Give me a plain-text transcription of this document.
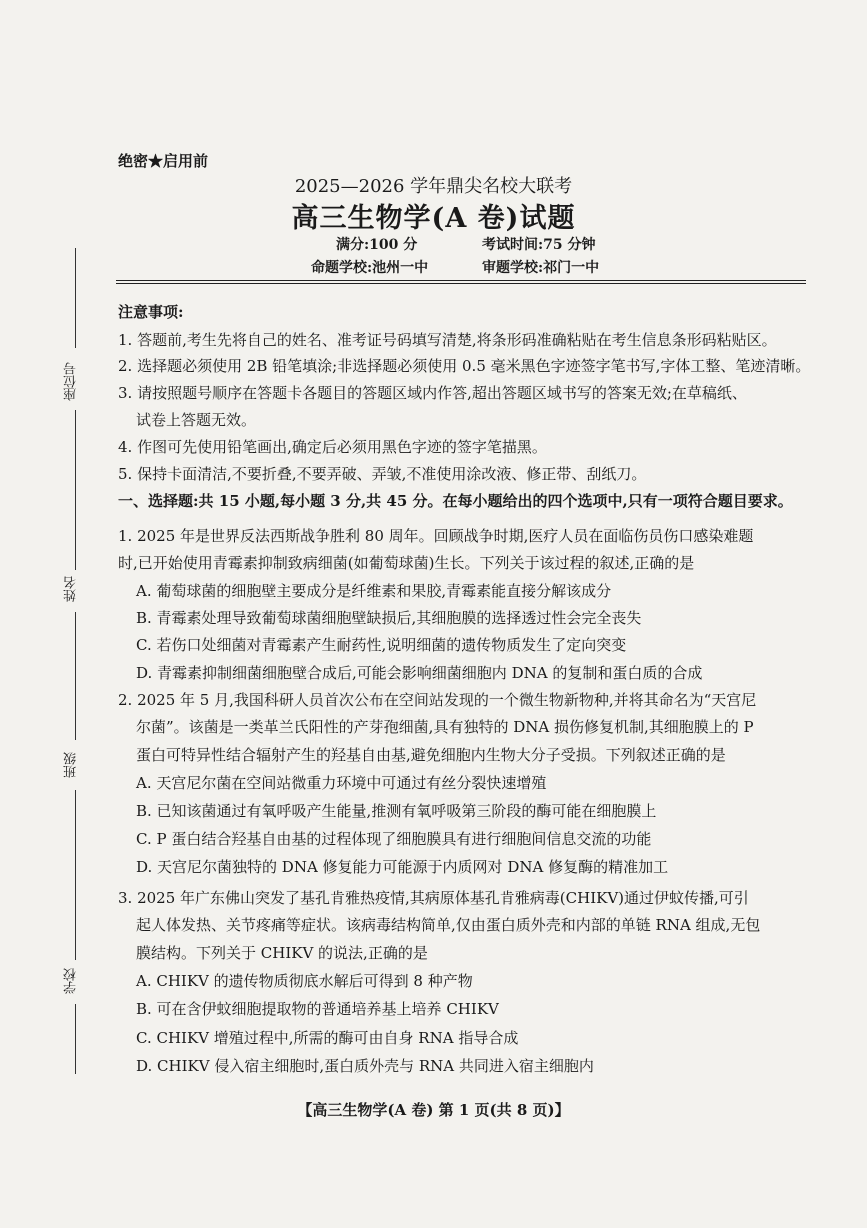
座位号
姓名
班级
学校
绝密★启用前
2025—2026 学年鼎尖名校大联考
高三生物学(A 卷)试题
满分:100 分	考试时间:75 分钟
命题学校:池州一中	审题学校:祁门一中
注意事项:
1. 答题前,考生先将自己的姓名、准考证号码填写清楚,将条形码准确粘贴在考生信息条形码粘贴区。
2. 选择题必须使用 2B 铅笔填涂;非选择题必须使用 0.5 毫米黑色字迹签字笔书写,字体工整、笔迹清晰。
3. 请按照题号顺序在答题卡各题目的答题区域内作答,超出答题区域书写的答案无效;在草稿纸、
试卷上答题无效。
4. 作图可先使用铅笔画出,确定后必须用黑色字迹的签字笔描黑。
5. 保持卡面清洁,不要折叠,不要弄破、弄皱,不准使用涂改液、修正带、刮纸刀。
一、选择题:共 15 小题,每小题 3 分,共 45 分。在每小题给出的四个选项中,只有一项符合题目要求。
1. 2025 年是世界反法西斯战争胜利 80 周年。回顾战争时期,医疗人员在面临伤员伤口感染难题
时,已开始使用青霉素抑制致病细菌(如葡萄球菌)生长。下列关于该过程的叙述,正确的是
A. 葡萄球菌的细胞壁主要成分是纤维素和果胶,青霉素能直接分解该成分
B. 青霉素处理导致葡萄球菌细胞壁缺损后,其细胞膜的选择透过性会完全丧失
C. 若伤口处细菌对青霉素产生耐药性,说明细菌的遗传物质发生了定向突变
D. 青霉素抑制细菌细胞壁合成后,可能会影响细菌细胞内 DNA 的复制和蛋白质的合成
2. 2025 年 5 月,我国科研人员首次公布在空间站发现的一个微生物新物种,并将其命名为“天宫尼
尔菌”。该菌是一类革兰氏阳性的产芽孢细菌,具有独特的 DNA 损伤修复机制,其细胞膜上的 P
蛋白可特异性结合辐射产生的羟基自由基,避免细胞内生物大分子受损。下列叙述正确的是
A. 天宫尼尔菌在空间站微重力环境中可通过有丝分裂快速增殖
B. 已知该菌通过有氧呼吸产生能量,推测有氧呼吸第三阶段的酶可能在细胞膜上
C. P 蛋白结合羟基自由基的过程体现了细胞膜具有进行细胞间信息交流的功能
D. 天宫尼尔菌独特的 DNA 修复能力可能源于内质网对 DNA 修复酶的精准加工
3. 2025 年广东佛山突发了基孔肯雅热疫情,其病原体基孔肯雅病毒(CHIKV)通过伊蚊传播,可引
起人体发热、关节疼痛等症状。该病毒结构简单,仅由蛋白质外壳和内部的单链 RNA 组成,无包
膜结构。下列关于 CHIKV 的说法,正确的是
A. CHIKV 的遗传物质彻底水解后可得到 8 种产物
B. 可在含伊蚊细胞提取物的普通培养基上培养 CHIKV
C. CHIKV 增殖过程中,所需的酶可由自身 RNA 指导合成
D. CHIKV 侵入宿主细胞时,蛋白质外壳与 RNA 共同进入宿主细胞内
【高三生物学(A 卷) 第 1 页(共 8 页)】
